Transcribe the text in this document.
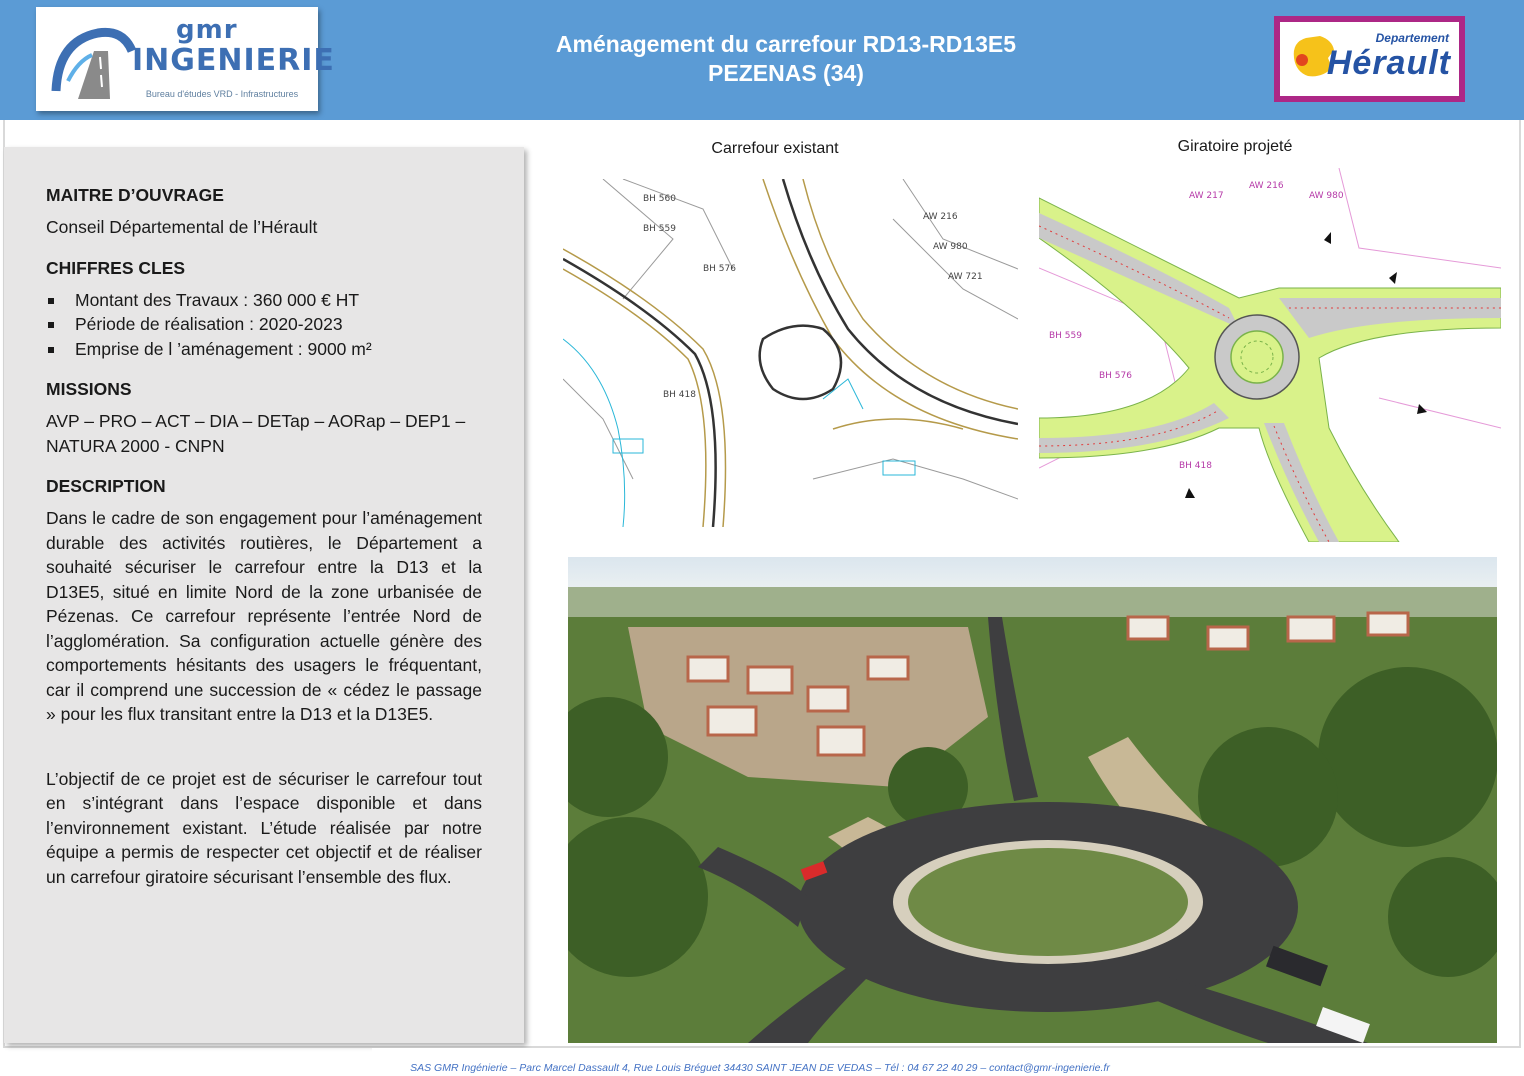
gmr
INGENIERIE
Bureau d'études VRD - Infrastructures
Aménagement du carrefour RD13-RD13E5
PEZENAS (34)
Departement
Hérault
MAITRE D’OUVRAGE
Conseil Départemental de l’Hérault
CHIFFRES CLES
Montant des Travaux : 360 000 € HT
Période de réalisation : 2020-2023
Emprise de l ’aménagement : 9000 m²
MISSIONS
AVP – PRO – ACT – DIA – DETap – AORap – DEP1 – NATURA 2000 - CNPN
DESCRIPTION
Dans le cadre de son engagement pour l’aménagement durable des activités routières, le Département a souhaité sécuriser le carrefour entre la D13 et la D13E5, situé en limite Nord de la zone urbanisée de Pézenas. Ce carrefour représente l’entrée Nord de l’agglomération. Sa configuration actuelle génère des comportements hésitants des usagers le fréquentant, car il comprend une succession de « cédez le passage » pour les flux transitant entre la D13 et la D13E5.
L’objectif de ce projet est de sécuriser le carrefour tout en s’intégrant dans l’espace disponible et dans l’environnement existant. L’étude réalisée par notre équipe a permis de respecter cet objectif et de réaliser un carrefour giratoire sécurisant l’ensemble des flux.
Carrefour existant	Giratoire projeté
BH 560
BH 559
BH 576
AW 216
AW 980
AW 721
BH 418
AW 217
AW 216
AW 980
BH 559
BH 576
BH 418
SAS GMR Ingénierie – Parc Marcel Dassault 4, Rue Louis Bréguet 34430 SAINT JEAN DE VEDAS – Tél : 04 67 22 40 29 – contact@gmr-ingenierie.fr
